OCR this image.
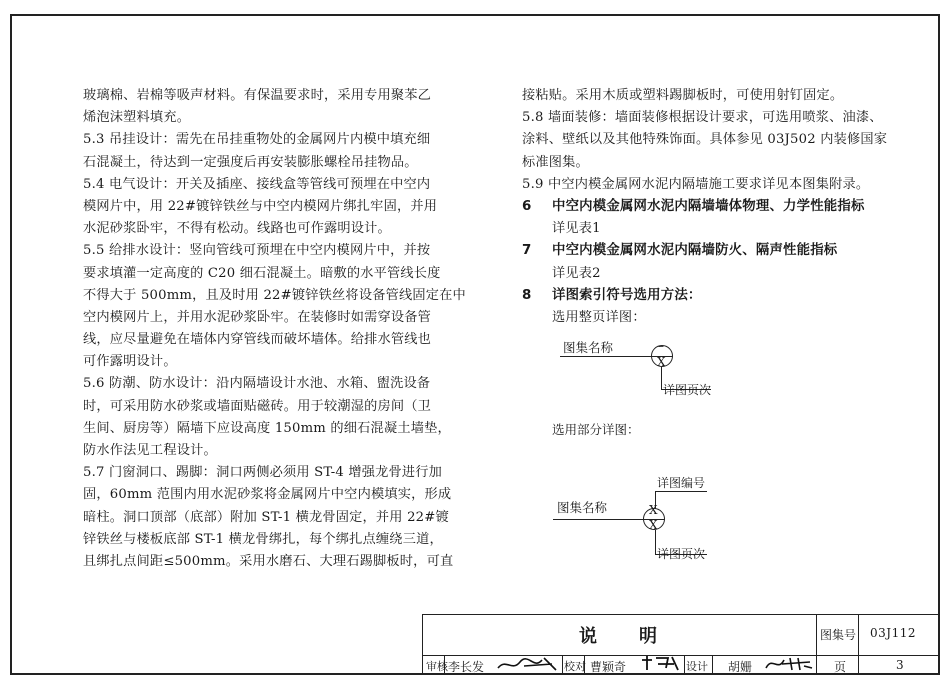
玻璃棉、岩棉等吸声材料。有保温要求时，采用专用聚苯乙
烯泡沫塑料填充。
5.3 吊挂设计：需先在吊挂重物处的金属网片内模中填充细
石混凝土，待达到一定强度后再安装膨胀螺栓吊挂物品。
5.4 电气设计：开关及插座、接线盒等管线可预埋在中空内
模网片中，用 22#镀锌铁丝与中空内模网片绑扎牢固，并用
水泥砂浆卧牢，不得有松动。线路也可作露明设计。
5.5 给排水设计：竖向管线可预埋在中空内模网片中，并按
要求填灌一定高度的 C20 细石混凝土。暗敷的水平管线长度
不得大于 500mm，且及时用 22#镀锌铁丝将设备管线固定在中
空内模网片上，并用水泥砂浆卧牢。在装修时如需穿设备管
线，应尽量避免在墙体内穿管线而破坏墙体。给排水管线也
可作露明设计。
5.6 防潮、防水设计：沿内隔墙设计水池、水箱、盥洗设备
时，可采用防水砂浆或墙面贴磁砖。用于较潮湿的房间（卫
生间、厨房等）隔墙下应设高度 150mm 的细石混凝土墙垫，
防水作法见工程设计。
5.7 门窗洞口、踢脚：洞口两侧必须用 ST-4 增强龙骨进行加
固，60mm 范围内用水泥砂浆将金属网片中空内模填实，形成
暗柱。洞口顶部（底部）附加 ST-1 横龙骨固定，并用 22#镀
锌铁丝与楼板底部 ST-1 横龙骨绑扎，每个绑扎点缠绕三道，
且绑扎点间距≤500mm。采用水磨石、大理石踢脚板时，可直
接粘贴。采用木质或塑料踢脚板时，可使用射钉固定。
5.8 墙面装修：墙面装修根据设计要求，可选用喷浆、油漆、
涂料、壁纸以及其他特殊饰面。具体参见 03J502 内装修国家
标准图集。
5.9 中空内模金属网水泥内隔墙施工要求详见本图集附录。
6 中空内模金属网水泥内隔墙墙体物理、力学性能指标
详见表1
7 中空内模金属网水泥内隔墙防火、隔声性能指标
详见表2
8 详图索引符号选用方法：
选用整页详图：
图集名称	–
X
详图页次
选用部分详图：
详图编号
图集名称	X
X
详图页次
说　　明	图集号 03J112
审核 李长发	校对 曹颖奇	设计 胡姗	页	3
